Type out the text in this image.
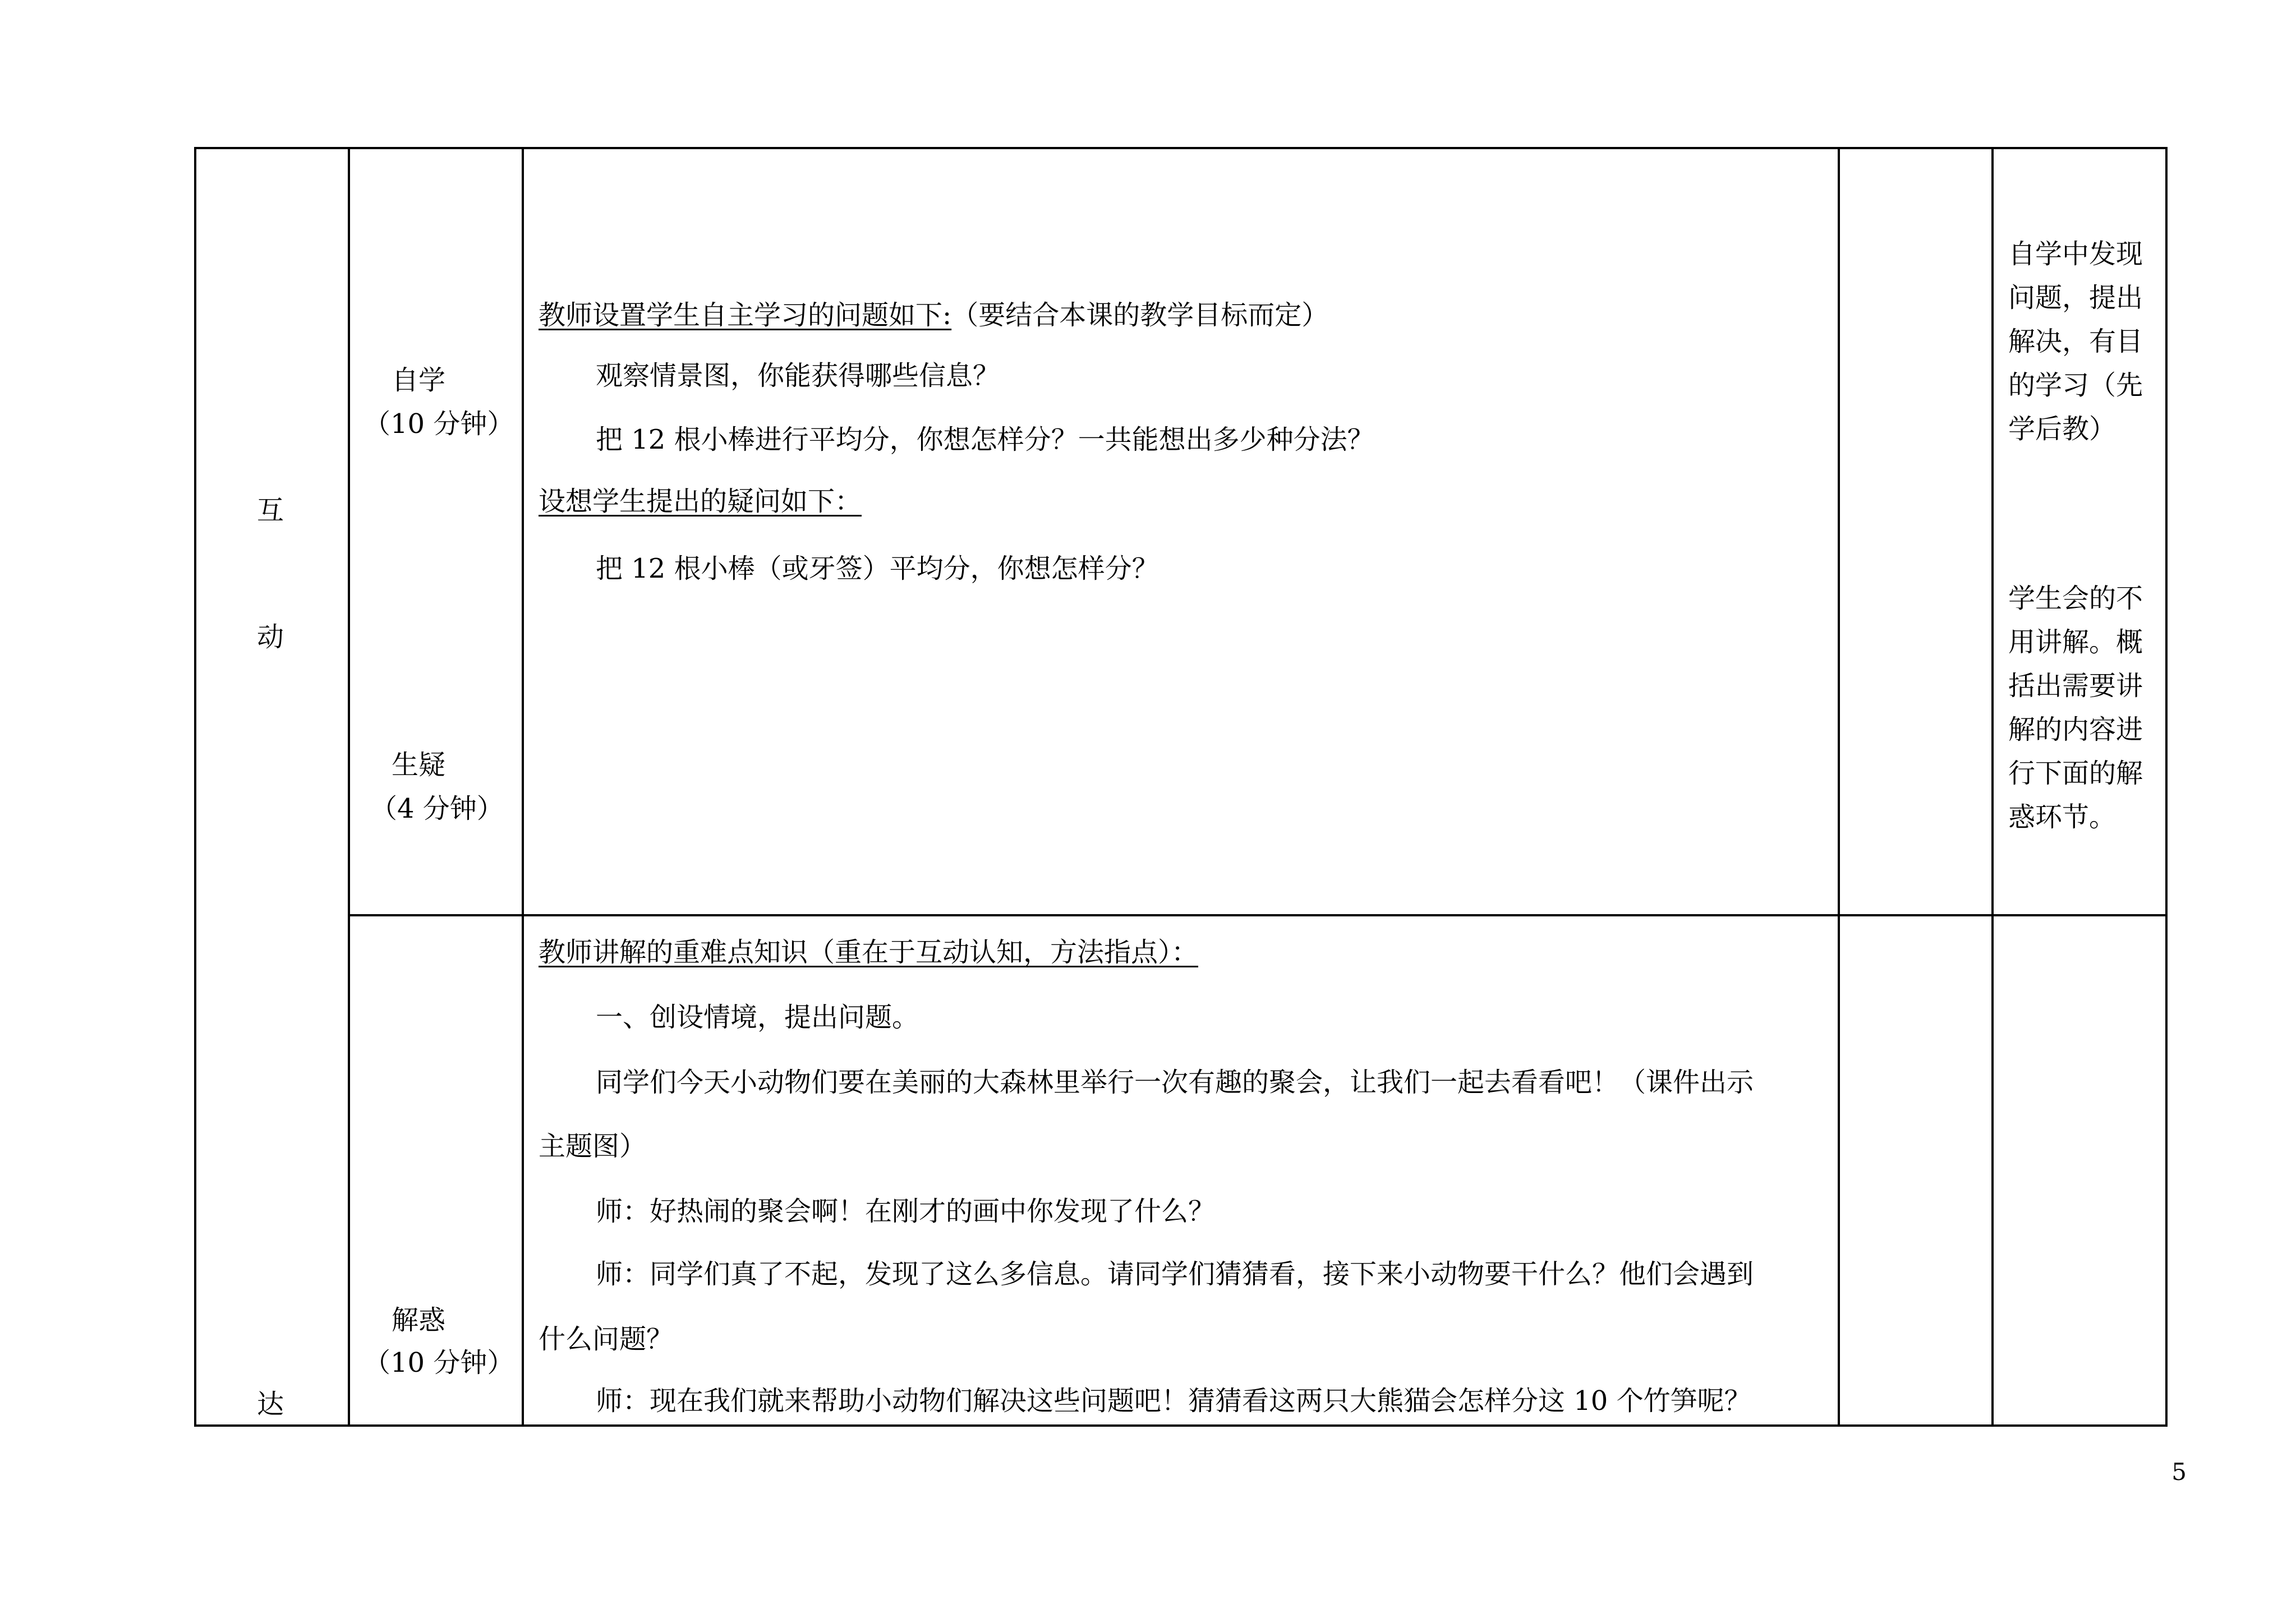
互
动
达
自学
（10 分钟）
生疑
（4 分钟）
解惑
（10 分钟）
教师设置学生自主学习的问题如下:（要结合本课的教学目标而定）
观察情景图，你能获得哪些信息？
把 12 根小棒进行平均分，你想怎样分？一共能想出多少种分法？
设想学生提出的疑问如下：
把 12 根小棒（或牙签）平均分，你想怎样分？
教师讲解的重难点知识（重在于互动认知，方法指点）：
一、创设情境，提出问题。
同学们今天小动物们要在美丽的大森林里举行一次有趣的聚会，让我们一起去看看吧！（课件出示
主题图）
师：好热闹的聚会啊！在刚才的画中你发现了什么？
师：同学们真了不起，发现了这么多信息。请同学们猜猜看，接下来小动物要干什么？他们会遇到
什么问题？
师：现在我们就来帮助小动物们解决这些问题吧！猜猜看这两只大熊猫会怎样分这 10 个竹笋呢？
自学中发现问题，提出解决，有目的学习（先学后教）
学生会的不用讲解。概括出需要讲解的内容进行下面的解惑环节。
5
